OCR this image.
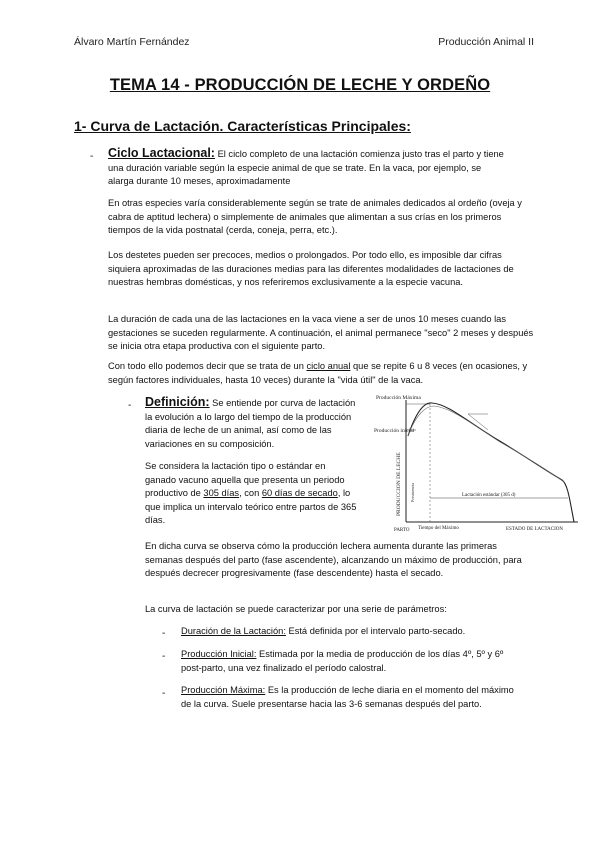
Álvaro Martín Fernández	Producción Animal II
TEMA 14 - PRODUCCIÓN DE LECHE Y ORDEÑO
1- Curva de Lactación. Características Principales:
- Ciclo Lactacional: El ciclo completo de una lactación comienza justo tras el parto y tiene
una duración variable según la especie animal de que se trate. En la vaca, por ejemplo, se
alarga durante 10 meses, aproximadamente

En otras especies varía considerablemente según se trate de animales dedicados al ordeño (oveja y cabra de aptitud lechera) o simplemente de animales que alimentan a sus crías en los primeros tiempos de la vida postnatal (cerda, coneja, perra, etc.).

Los destetes pueden ser precoces, medios o prolongados. Por todo ello, es imposible dar cifras siquiera aproximadas de las duraciones medias para las diferentes modalidades de lactaciones de nuestras hembras domésticas, y nos referiremos exclusivamente a la especie vacuna.

La duración de cada una de las lactaciones en la vaca viene a ser de unos 10 meses cuando las gestaciones se suceden regularmente. A continuación, el animal permanece "seco" 2 meses y después se inicia otra etapa productiva con el siguiente parto.

Con todo ello podemos decir que se trata de un ciclo anual que se repite 6 u 8 veces (en ocasiones, y según factores individuales, hasta 10 veces) durante la "vida útil" de la vaca.

- Definición: Se entiende por curva de lactación la evolución a lo largo del tiempo de la producción diaria de leche de un animal, así como de las variaciones en su composición.

Se considera la lactación tipo o estándar en ganado vacuno aquella que presenta un periodo productivo de 305 días, con 60 días de secado, lo que implica un intervalo teórico entre partos de 365 días.

En dicha curva se observa cómo la producción lechera aumenta durante las primeras semanas después del parto (fase ascendente), alcanzando un máximo de producción, para después decrecer progresivamente (fase descendente) hasta el secado.

La curva de lactación se puede caracterizar por una serie de parámetros:

- Duración de la Lactación: Está definida por el intervalo parto-secado.

- Producción Inicial: Estimada por la media de producción de los días 4º, 5º y 6º post-parto, una vez finalizado el período calostral.

- Producción Máxima: Es la producción de leche diaria en el momento del máximo de la curva. Suele presentarse hacia las 3-6 semanas después del parto.

Producción Máxima
Producción inicial
PRODUCCION DE LECHE Persistencia	Lactación estándar (305 d)
PARTO Tiempo del Máximo	ESTADO DE LACTACION
